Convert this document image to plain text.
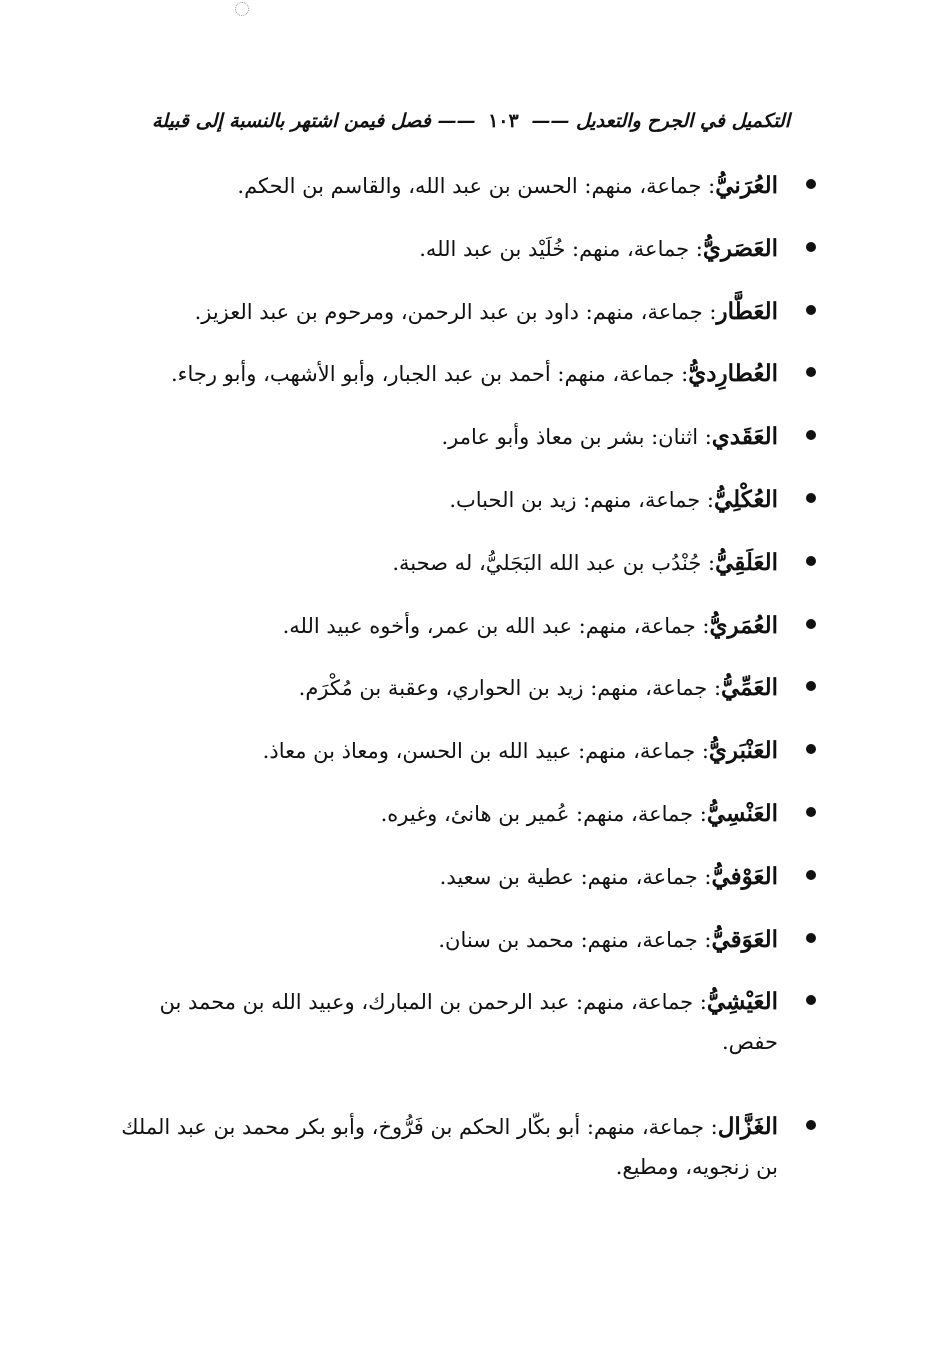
التكميل في الجرح والتعديل —— ١٠٣ —— فصل فيمن اشتهر بالنسبة إلى قبيلة
العُرَنيُّ: جماعة، منهم: الحسن بن عبد الله، والقاسم بن الحكم.
العَصَريُّ: جماعة، منهم: خُلَيْد بن عبد الله.
العَطَّار: جماعة، منهم: داود بن عبد الرحمن، ومرحوم بن عبد العزيز.
العُطارِديُّ: جماعة، منهم: أحمد بن عبد الجبار، وأبو الأشهب، وأبو رجاء.
العَقَدي: اثنان: بشر بن معاذ وأبو عامر.
العُكْلِيُّ: جماعة، منهم: زيد بن الحباب.
العَلَقِيُّ: جُنْدُب بن عبد الله البَجَليُّ، له صحبة.
العُمَريُّ: جماعة، منهم: عبد الله بن عمر، وأخوه عبيد الله.
العَمِّيُّ: جماعة، منهم: زيد بن الحواري، وعقبة بن مُكْرَم.
العَنْبَريُّ: جماعة، منهم: عبيد الله بن الحسن، ومعاذ بن معاذ.
العَنْسِيُّ: جماعة، منهم: عُمير بن هانئ، وغيره.
العَوْفيُّ: جماعة، منهم: عطية بن سعيد.
العَوَقيُّ: جماعة، منهم: محمد بن سنان.
العَيْشِيُّ: جماعة، منهم: عبد الرحمن بن المبارك، وعبيد الله بن محمد بن حفص.
الغَزَّال: جماعة، منهم: أبو بكّار الحكم بن فَرُّوخ، وأبو بكر محمد بن عبد الملك بن زنجويه، ومطيع.
